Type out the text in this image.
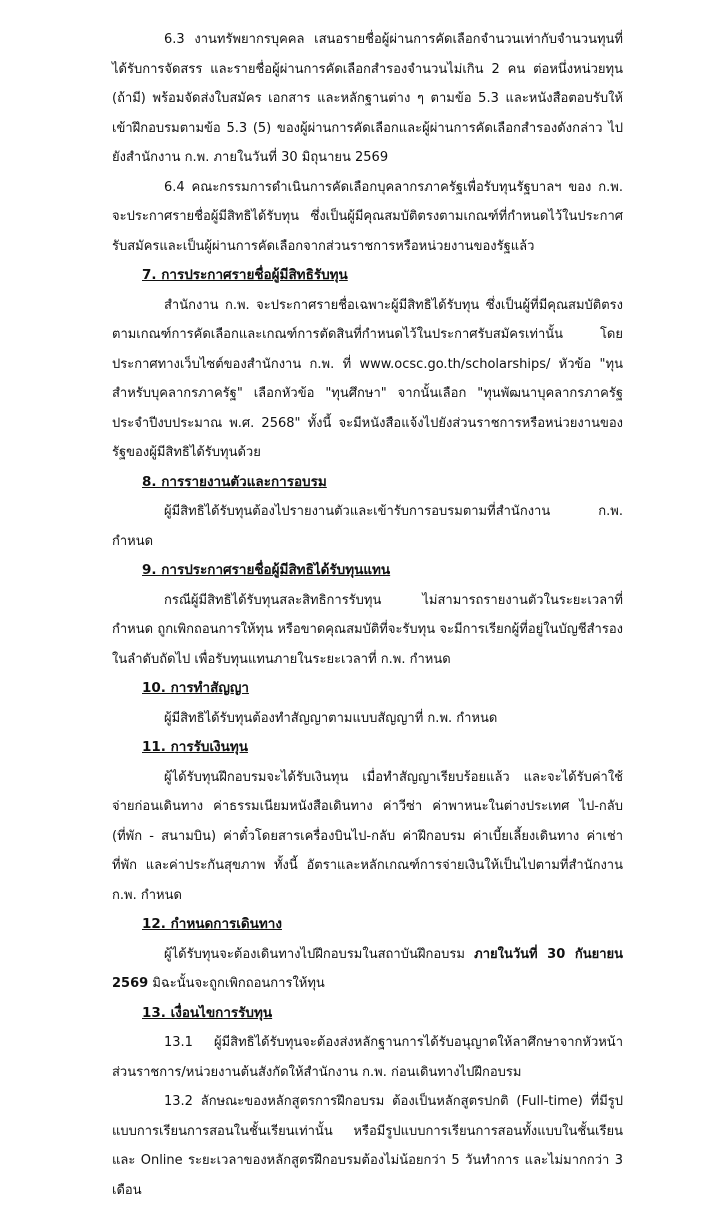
6.3 งานทรัพยากรบุคคล เสนอรายชื่อผู้ผ่านการคัดเลือกจำนวนเท่ากับจำนวนทุนที่ได้รับการจัดสรร และรายชื่อผู้ผ่านการคัดเลือกสำรองจำนวนไม่เกิน 2 คน ต่อหนึ่งหน่วยทุน (ถ้ามี) พร้อมจัดส่งใบสมัคร เอกสาร และหลักฐานต่าง ๆ ตามข้อ 5.3 และหนังสือตอบรับให้เข้าฝึกอบรมตามข้อ 5.3 (5) ของผู้ผ่านการคัดเลือกและผู้ผ่านการคัดเลือกสำรองดังกล่าว ไปยังสำนักงาน ก.พ. ภายในวันที่ 30 มิถุนายน 2569

6.4 คณะกรรมการดำเนินการคัดเลือกบุคลากรภาครัฐเพื่อรับทุนรัฐบาลฯ ของ ก.พ. จะประกาศรายชื่อผู้มีสิทธิได้รับทุน ซึ่งเป็นผู้มีคุณสมบัติตรงตามเกณฑ์ที่กำหนดไว้ในประกาศรับสมัครและเป็นผู้ผ่านการคัดเลือกจากส่วนราชการหรือหน่วยงานของรัฐแล้ว

7. การประกาศรายชื่อผู้มีสิทธิรับทุน

สำนักงาน ก.พ. จะประกาศรายชื่อเฉพาะผู้มีสิทธิได้รับทุน ซึ่งเป็นผู้ที่มีคุณสมบัติตรงตามเกณฑ์การคัดเลือกและเกณฑ์การตัดสินที่กำหนดไว้ในประกาศรับสมัครเท่านั้น โดยประกาศทางเว็บไซต์ของสำนักงาน ก.พ. ที่ www.ocsc.go.th/scholarships/ หัวข้อ "ทุนสำหรับบุคลากรภาครัฐ" เลือกหัวข้อ "ทุนศึกษา" จากนั้นเลือก "ทุนพัฒนาบุคลากรภาครัฐ ประจำปีงบประมาณ พ.ศ. 2568" ทั้งนี้ จะมีหนังสือแจ้งไปยังส่วนราชการหรือหน่วยงานของรัฐของผู้มีสิทธิได้รับทุนด้วย

8. การรายงานตัวและการอบรม

ผู้มีสิทธิได้รับทุนต้องไปรายงานตัวและเข้ารับการอบรมตามที่สำนักงาน ก.พ. กำหนด

9. การประกาศรายชื่อผู้มีสิทธิได้รับทุนแทน

กรณีผู้มีสิทธิได้รับทุนสละสิทธิการรับทุน ไม่สามารถรายงานตัวในระยะเวลาที่กำหนด ถูกเพิกถอนการให้ทุน หรือขาดคุณสมบัติที่จะรับทุน จะมีการเรียกผู้ที่อยู่ในบัญชีสำรองในลำดับถัดไป เพื่อรับทุนแทนภายในระยะเวลาที่ ก.พ. กำหนด

10. การทำสัญญา

ผู้มีสิทธิได้รับทุนต้องทำสัญญาตามแบบสัญญาที่ ก.พ. กำหนด

11. การรับเงินทุน

ผู้ได้รับทุนฝึกอบรมจะได้รับเงินทุน เมื่อทำสัญญาเรียบร้อยแล้ว และจะได้รับค่าใช้จ่ายก่อนเดินทาง ค่าธรรมเนียมหนังสือเดินทาง ค่าวีซ่า ค่าพาหนะในต่างประเทศ ไป-กลับ (ที่พัก - สนามบิน) ค่าตั๋วโดยสารเครื่องบินไป-กลับ ค่าฝึกอบรม ค่าเบี้ยเลี้ยงเดินทาง ค่าเช่าที่พัก และค่าประกันสุขภาพ ทั้งนี้ อัตราและหลักเกณฑ์การจ่ายเงินให้เป็นไปตามที่สำนักงาน ก.พ. กำหนด

12. กำหนดการเดินทาง

ผู้ได้รับทุนจะต้องเดินทางไปฝึกอบรมในสถาบันฝึกอบรม ภายในวันที่ 30 กันยายน 2569 มิฉะนั้นจะถูกเพิกถอนการให้ทุน

13. เงื่อนไขการรับทุน

13.1 ผู้มีสิทธิได้รับทุนจะต้องส่งหลักฐานการได้รับอนุญาตให้ลาศึกษาจากหัวหน้าส่วนราชการ/หน่วยงานต้นสังกัดให้สำนักงาน ก.พ. ก่อนเดินทางไปฝึกอบรม

13.2 ลักษณะของหลักสูตรการฝึกอบรม ต้องเป็นหลักสูตรปกติ (Full-time) ที่มีรูปแบบการเรียนการสอนในชั้นเรียนเท่านั้น หรือมีรูปแบบการเรียนการสอนทั้งแบบในชั้นเรียนและ Online ระยะเวลาของหลักสูตรฝึกอบรมต้องไม่น้อยกว่า 5 วันทำการ และไม่มากกว่า 3 เดือน
